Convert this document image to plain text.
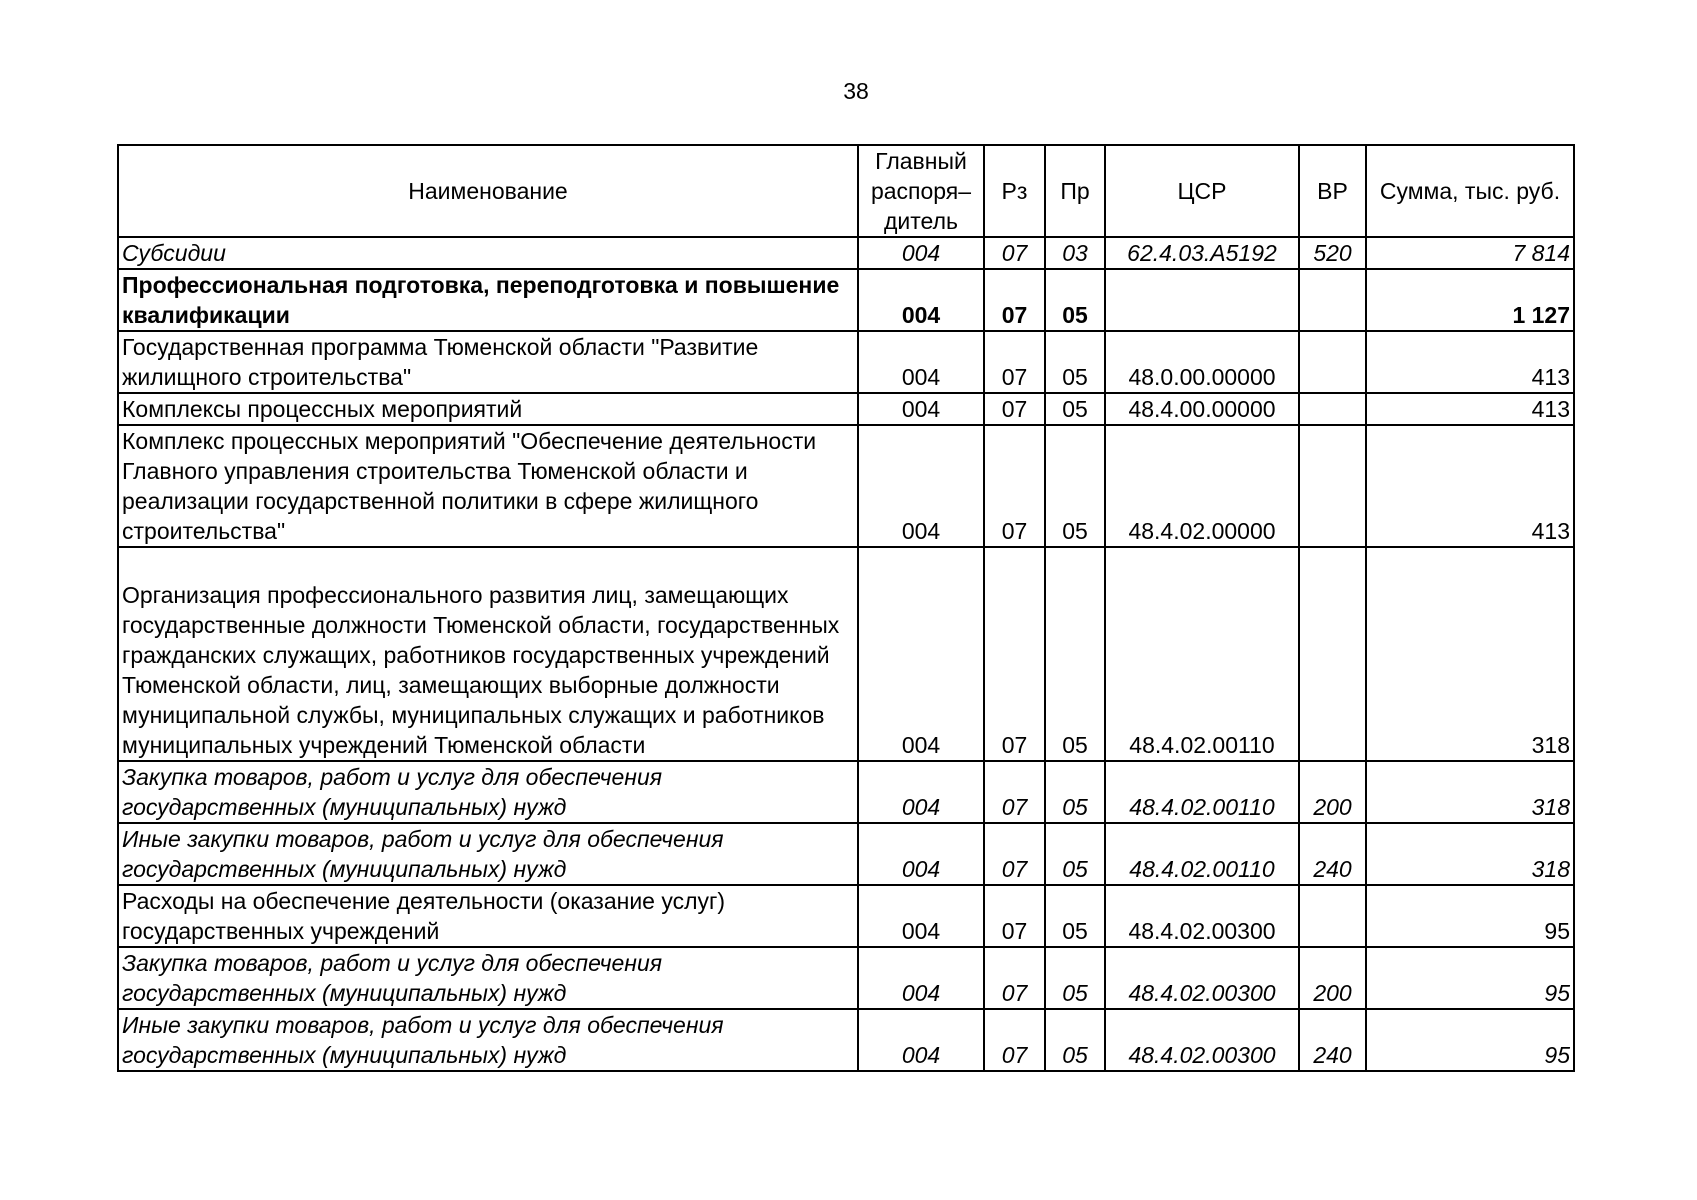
38
Наименование	Главный распоря– дитель	Рз	Пр	ЦСР	ВР	Сумма, тыс. руб.
Субсидии	004	07	03	62.4.03.А5192	520	7 814
Профессиональная подготовка, переподготовка и повышение квалификации	004	07	05			1 127
Государственная программа Тюменской области "Развитие жилищного строительства"	004	07	05	48.0.00.00000		413
Комплексы процессных мероприятий	004	07	05	48.4.00.00000		413
Комплекс процессных мероприятий "Обеспечение деятельности Главного управления строительства Тюменской области и реализации государственной политики в сфере жилищного строительства"	004	07	05	48.4.02.00000		413
Организация профессионального развития лиц, замещающих государственные должности Тюменской области, государственных гражданских служащих, работников государственных учреждений Тюменской области, лиц, замещающих выборные должности муниципальной службы, муниципальных служащих и работников муниципальных учреждений Тюменской области	004	07	05	48.4.02.00110		318
Закупка товаров, работ и услуг для обеспечения государственных (муниципальных) нужд	004	07	05	48.4.02.00110	200	318
Иные закупки товаров, работ и услуг для обеспечения государственных (муниципальных) нужд	004	07	05	48.4.02.00110	240	318
Расходы на обеспечение деятельности (оказание услуг) государственных учреждений	004	07	05	48.4.02.00300		95
Закупка товаров, работ и услуг для обеспечения государственных (муниципальных) нужд	004	07	05	48.4.02.00300	200	95
Иные закупки товаров, работ и услуг для обеспечения государственных (муниципальных) нужд	004	07	05	48.4.02.00300	240	95
